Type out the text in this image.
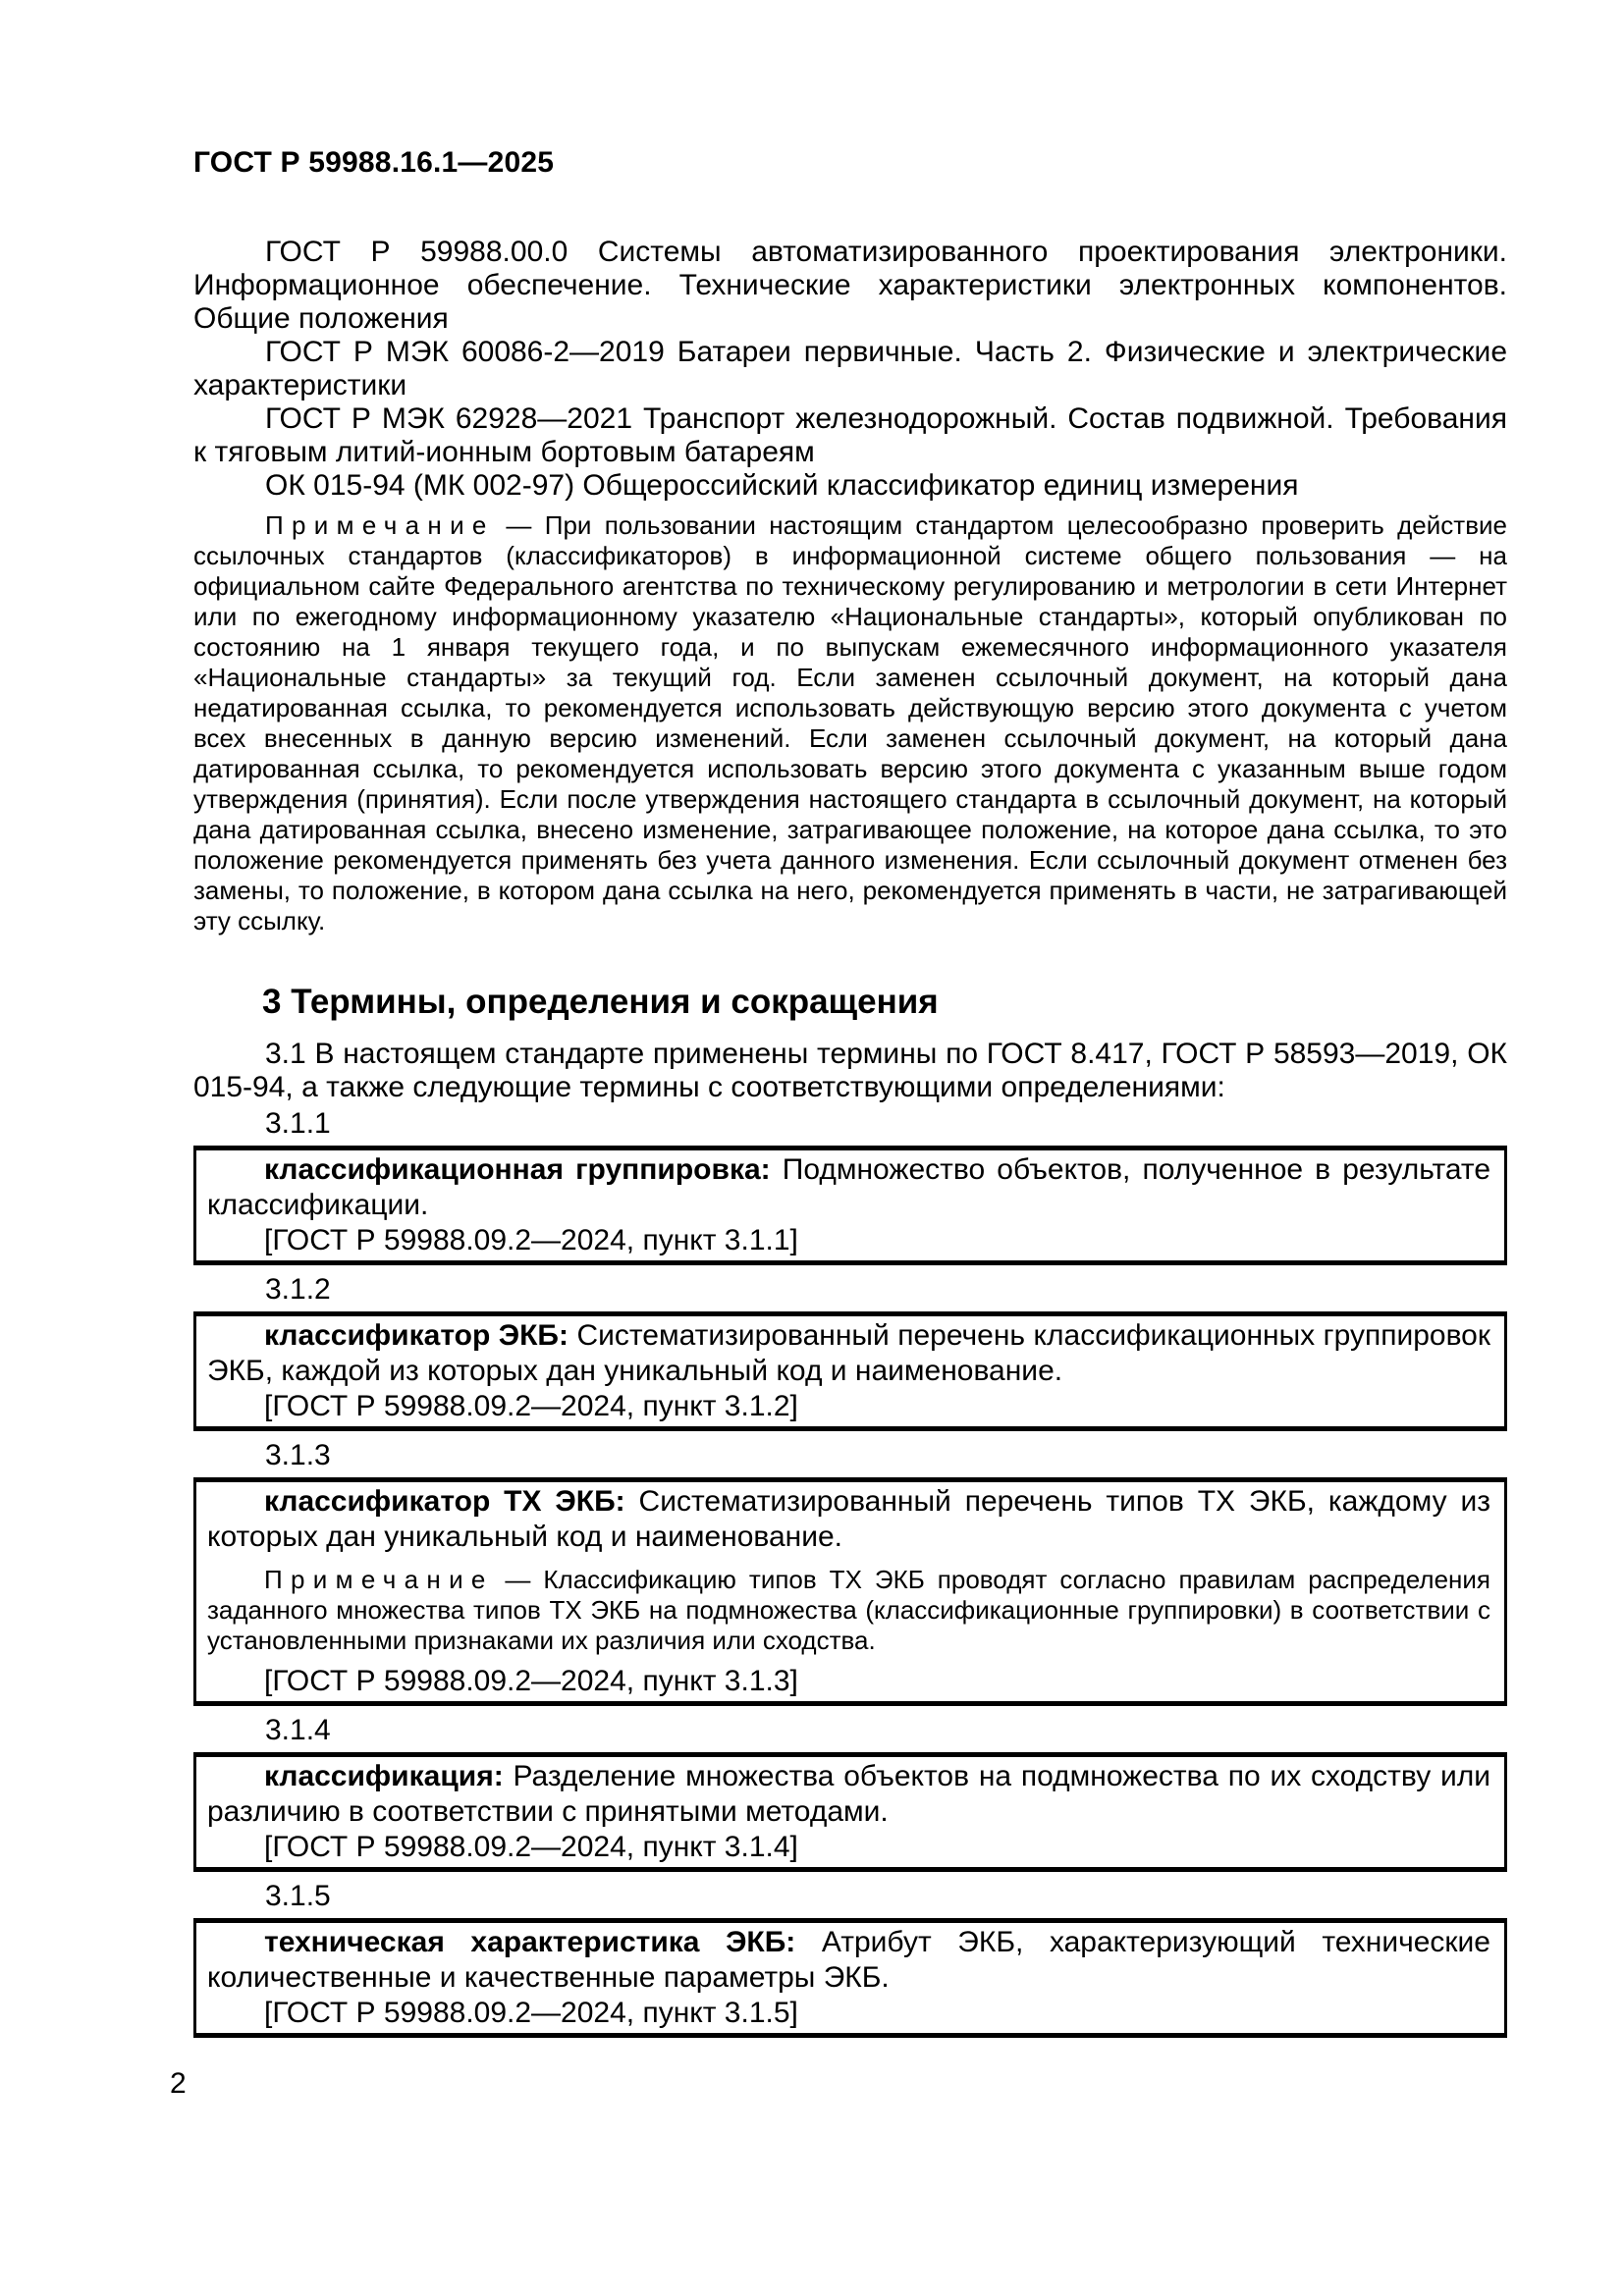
ГОСТ Р 59988.16.1—2025

ГОСТ Р 59988.00.0 Системы автоматизированного проектирования электроники. Информационное обеспечение. Технические характеристики электронных компонентов. Общие положения

ГОСТ Р МЭК 60086-2—2019 Батареи первичные. Часть 2. Физические и электрические характеристики

ГОСТ Р МЭК 62928—2021 Транспорт железнодорожный. Состав подвижной. Требования к тяговым литий-ионным бортовым батареям

ОК 015-94 (МК 002-97) Общероссийский классификатор единиц измерения

Примечание — При пользовании настоящим стандартом целесообразно проверить действие ссылочных стандартов (классификаторов) в информационной системе общего пользования — на официальном сайте Федерального агентства по техническому регулированию и метрологии в сети Интернет или по ежегодному информационному указателю «Национальные стандарты», который опубликован по состоянию на 1 января текущего года, и по выпускам ежемесячного информационного указателя «Национальные стандарты» за текущий год. Если заменен ссылочный документ, на который дана недатированная ссылка, то рекомендуется использовать действующую версию этого документа с учетом всех внесенных в данную версию изменений. Если заменен ссылочный документ, на который дана датированная ссылка, то рекомендуется использовать версию этого документа с указанным выше годом утверждения (принятия). Если после утверждения настоящего стандарта в ссылочный документ, на который дана датированная ссылка, внесено изменение, затрагивающее положение, на которое дана ссылка, то это положение рекомендуется применять без учета данного изменения. Если ссылочный документ отменен без замены, то положение, в котором дана ссылка на него, рекомендуется применять в части, не затрагивающей эту ссылку.

3 Термины, определения и сокращения

3.1 В настоящем стандарте применены термины по ГОСТ 8.417, ГОСТ Р 58593—2019, ОК 015-94, а также следующие термины с соответствующими определениями:

3.1.1

классификационная группировка: Подмножество объектов, полученное в результате классификации.

[ГОСТ Р 59988.09.2—2024, пункт 3.1.1]

3.1.2

классификатор ЭКБ: Систематизированный перечень классификационных группировок ЭКБ, каждой из которых дан уникальный код и наименование.

[ГОСТ Р 59988.09.2—2024, пункт 3.1.2]

3.1.3

классификатор ТХ ЭКБ: Систематизированный перечень типов ТХ ЭКБ, каждому из которых дан уникальный код и наименование.

Примечание — Классификацию типов ТХ ЭКБ проводят согласно правилам распределения заданного множества типов ТХ ЭКБ на подмножества (классификационные группировки) в соответствии с установленными признаками их различия или сходства.

[ГОСТ Р 59988.09.2—2024, пункт 3.1.3]

3.1.4

классификация: Разделение множества объектов на подмножества по их сходству или различию в соответствии с принятыми методами.

[ГОСТ Р 59988.09.2—2024, пункт 3.1.4]

3.1.5

техническая характеристика ЭКБ: Атрибут ЭКБ, характеризующий технические количественные и качественные параметры ЭКБ.

[ГОСТ Р 59988.09.2—2024, пункт 3.1.5]

2
